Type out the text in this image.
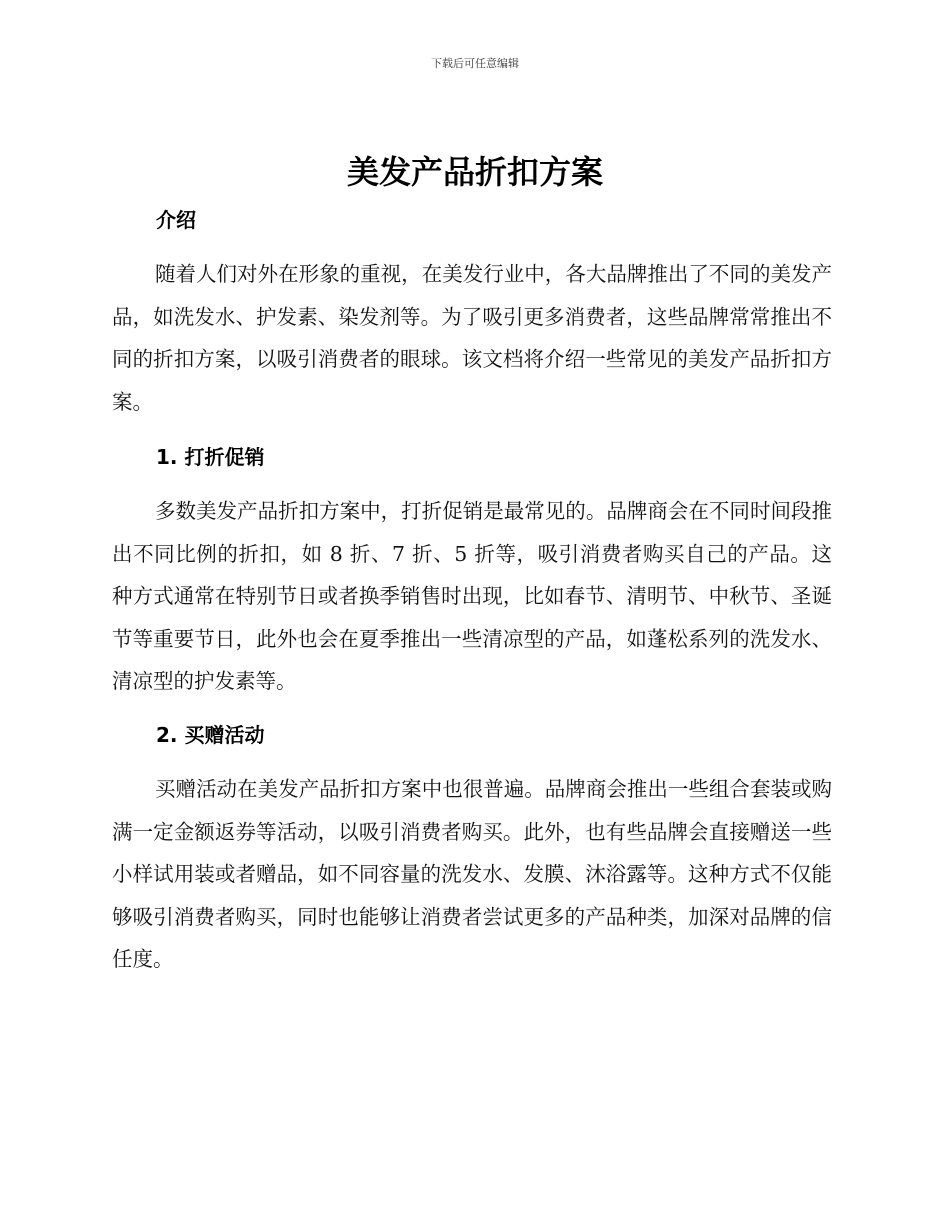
下载后可任意编辑
美发产品折扣方案
介绍

随着人们对外在形象的重视，在美发行业中，各大品牌推出了不同的美发产品，如洗发水、护发素、染发剂等。为了吸引更多消费者，这些品牌常常推出不同的折扣方案，以吸引消费者的眼球。该文档将介绍一些常见的美发产品折扣方案。

1. 打折促销

多数美发产品折扣方案中，打折促销是最常见的。品牌商会在不同时间段推出不同比例的折扣，如 8 折、7 折、5 折等，吸引消费者购买自己的产品。这种方式通常在特别节日或者换季销售时出现，比如春节、清明节、中秋节、圣诞节等重要节日，此外也会在夏季推出一些清凉型的产品，如蓬松系列的洗发水、清凉型的护发素等。

2. 买赠活动

买赠活动在美发产品折扣方案中也很普遍。品牌商会推出一些组合套装或购满一定金额返券等活动，以吸引消费者购买。此外，也有些品牌会直接赠送一些小样试用装或者赠品，如不同容量的洗发水、发膜、沐浴露等。这种方式不仅能够吸引消费者购买，同时也能够让消费者尝试更多的产品种类，加深对品牌的信任度。
